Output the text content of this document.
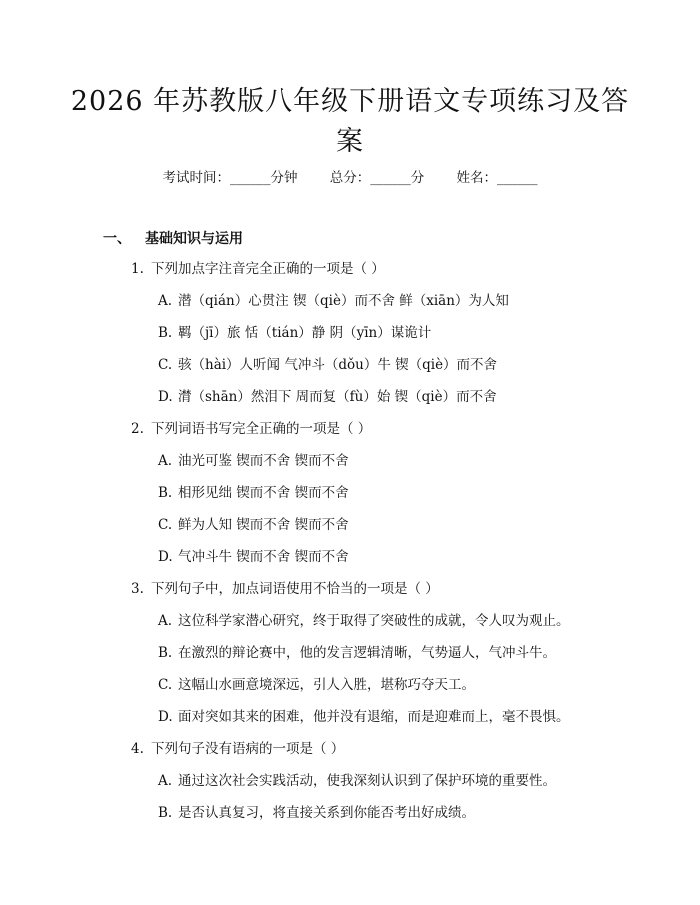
2026 年苏教版八年级下册语文专项练习及答
案
考试时间：______分钟 总分：______分 姓名：______
一、 基础知识与运用
1. 下列加点字注音完全正确的一项是（ ）
A. 潜（qián）心贯注 锲（qiè）而不舍 鲜（xiān）为人知
B. 羁（jī）旅 恬（tián）静 阴（yīn）谋诡计
C. 骇（hài）人听闻 气冲斗（dǒu）牛 锲（qiè）而不舍
D. 潸（shān）然泪下 周而复（fù）始 锲（qiè）而不舍
2. 下列词语书写完全正确的一项是（ ）
A. 油光可鉴 锲而不舍 锲而不舍
B. 相形见绌 锲而不舍 锲而不舍
C. 鲜为人知 锲而不舍 锲而不舍
D. 气冲斗牛 锲而不舍 锲而不舍
3. 下列句子中，加点词语使用不恰当的一项是（ ）
A. 这位科学家潜心研究，终于取得了突破性的成就，令人叹为观止。
B. 在激烈的辩论赛中，他的发言逻辑清晰，气势逼人，气冲斗牛。
C. 这幅山水画意境深远，引人入胜，堪称巧夺天工。
D. 面对突如其来的困难，他并没有退缩，而是迎难而上，毫不畏惧。
4. 下列句子没有语病的一项是（ ）
A. 通过这次社会实践活动，使我深刻认识到了保护环境的重要性。
B. 是否认真复习，将直接关系到你能否考出好成绩。
